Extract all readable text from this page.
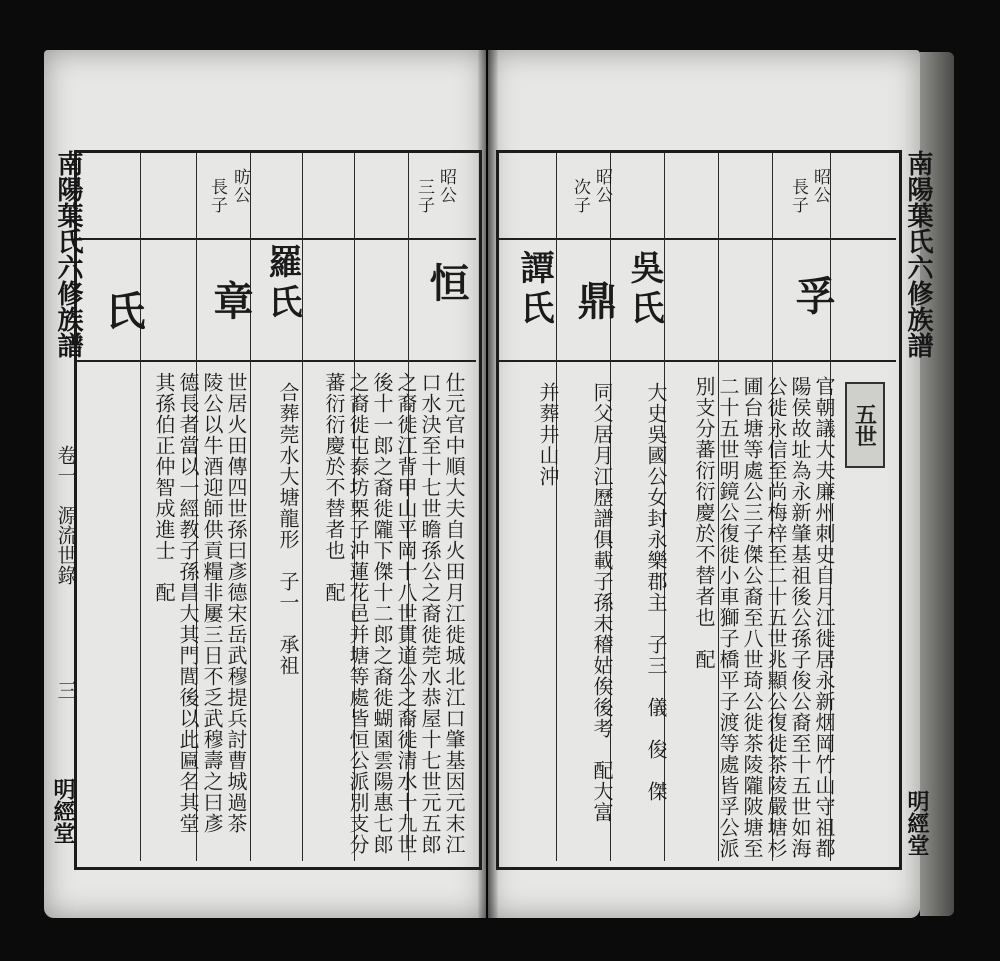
南陽葉氏六修族譜
卷一
源流世錄
三
明經堂
南陽葉氏六修族譜
明經堂
昭公
三子
昉公
長子
恒
羅氏
章
氏
仕元官中順大夫自火田月江徙城北江口肇基因元末江
口水決至十七世瞻孫公之裔徙莞水恭屋十七世元五郎
之裔徙江背甲山平岡十八世貫道公之裔徙清水十九世
後十一郎之裔徙隴下傑十二郎之裔徙蝴園雲陽惠七郎
之裔徙屯泰坊栗子沖蓮花邑并塘等處皆恒公派別支分
蕃衍衍慶於不替者也　配
合葬莞水大塘龍形　子一　承祖
世居火田傳四世孫曰彥德宋岳武穆提兵討曹城過茶
陵公以牛酒迎師供貢糧非屢三日不乏武穆壽之曰彥
德長者當以一經教子孫昌大其門閭後以此匾名其堂
其孫伯正仲智成進士　配
昭公
長子
昭公
次子
孚
吳氏
鼎
譚氏
官朝議大夫廉州刺史自月江徙居永新烟岡竹山守祖都
陽侯故址為永新肇基祖後公孫子俊公裔至十五世如海
公徙永信至尚梅梓至二十五世兆顯公復徙茶陵嚴塘杉
圃台塘等處公三子傑公裔至八世琦公徙茶陵隴陂塘至
二十五世明鏡公復徙小車獅子橋平子渡等處皆孚公派
別支分蕃衍衍慶於不替者也　配
大史吳國公女封永樂郡主　子三　儀　俊　傑
同父居月江歷譜俱載子孫未稽姑俟後考　配大富
并葬井山沖	五世
